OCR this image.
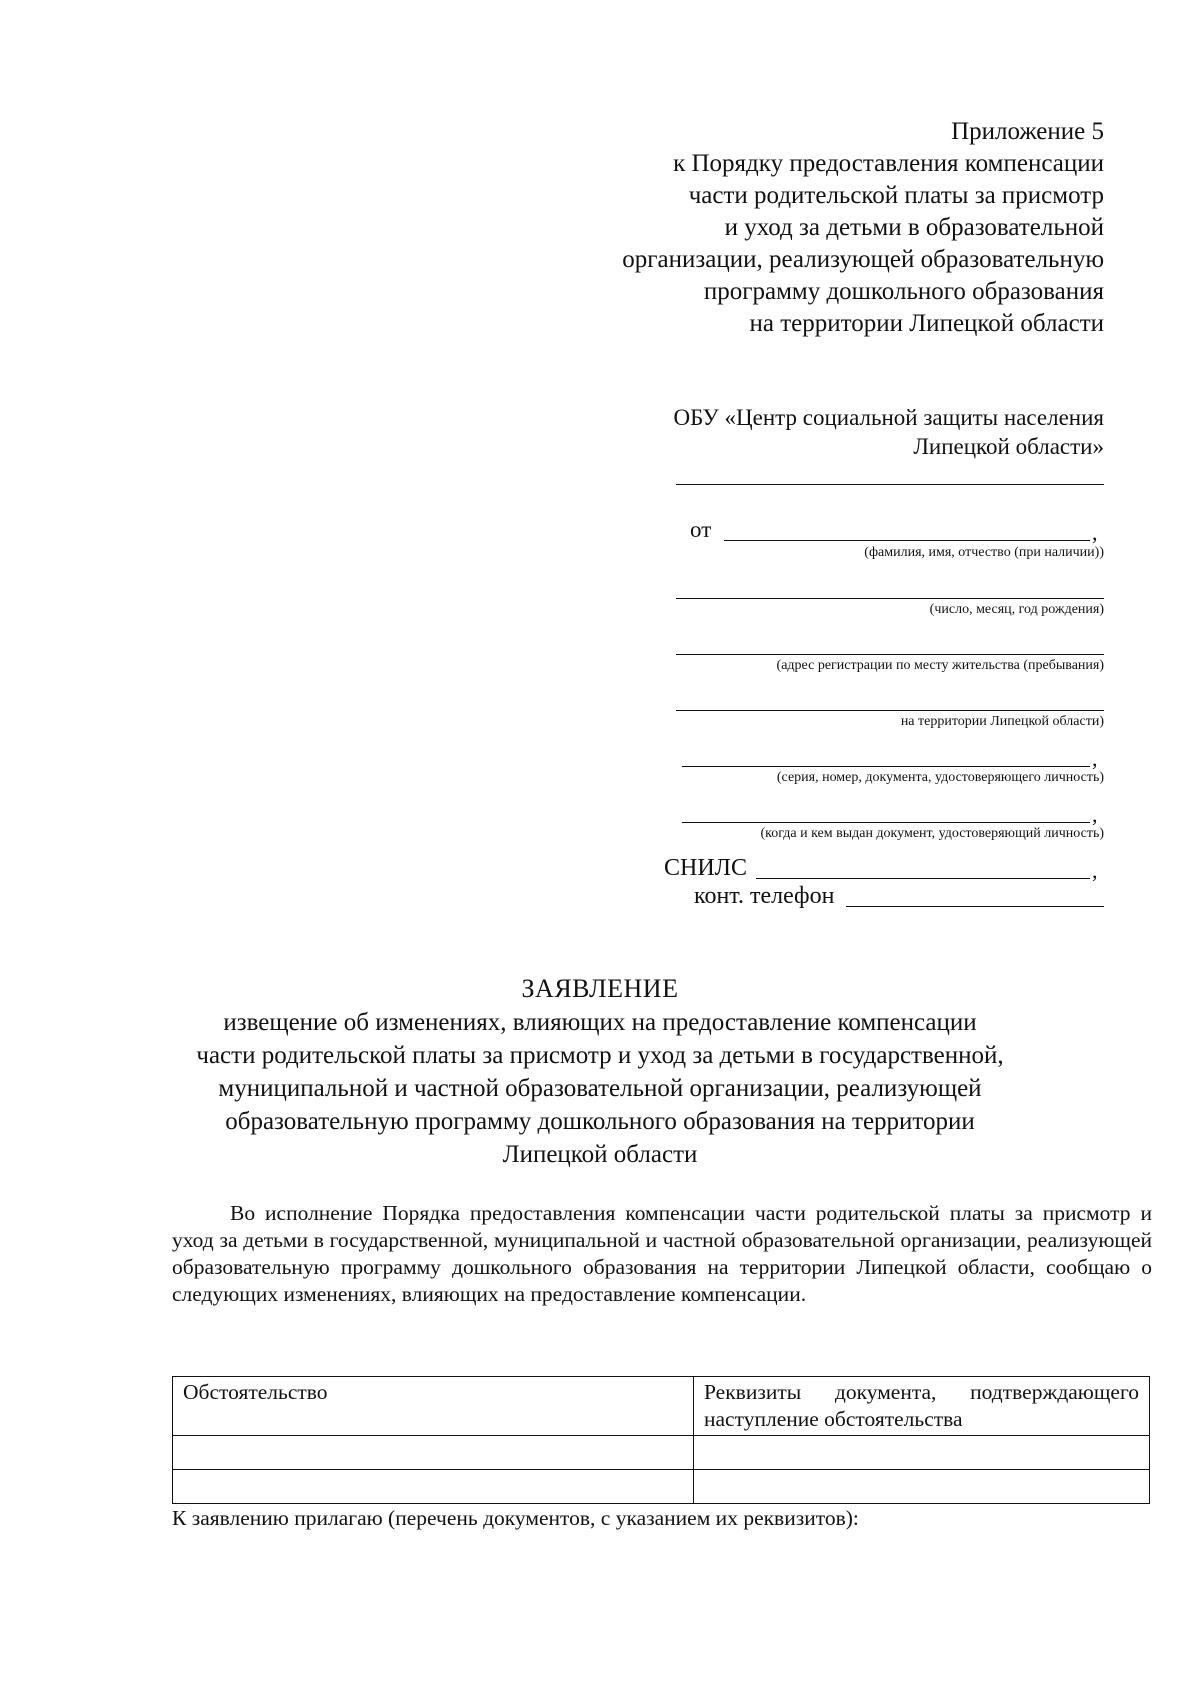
Приложение 5
к Порядку предоставления компенсации
части родительской платы за присмотр
и уход за детьми в образовательной
организации, реализующей образовательную
программу дошкольного образования
на территории Липецкой области
ОБУ «Центр социальной защиты населения
Липецкой области»
от	,
(фамилия, имя, отчество (при наличии))
(число, месяц, год рождения)
(адрес регистрации по месту жительства (пребывания)
на территории Липецкой области)
,
(серия, номер, документа, удостоверяющего личность)
,
(когда и кем выдан документ, удостоверяющий личность)
СНИЛС	,
конт. телефон
ЗАЯВЛЕНИЕ
извещение об изменениях, влияющих на предоставление компенсации
части родительской платы за присмотр и уход за детьми в государственной,
муниципальной и частной образовательной организации, реализующей
образовательную программу дошкольного образования на территории
Липецкой области
Во исполнение Порядка предоставления компенсации части родительской платы за присмотр и уход за детьми в государственной, муниципальной и частной образовательной организации, реализующей образовательную программу дошкольного образования на территории Липецкой области, сообщаю о следующих изменениях, влияющих на предоставление компенсации.
Обстоятельство	Реквизиты документа, подтверждающего наступление обстоятельства

К заявлению прилагаю (перечень документов, с указанием их реквизитов):
